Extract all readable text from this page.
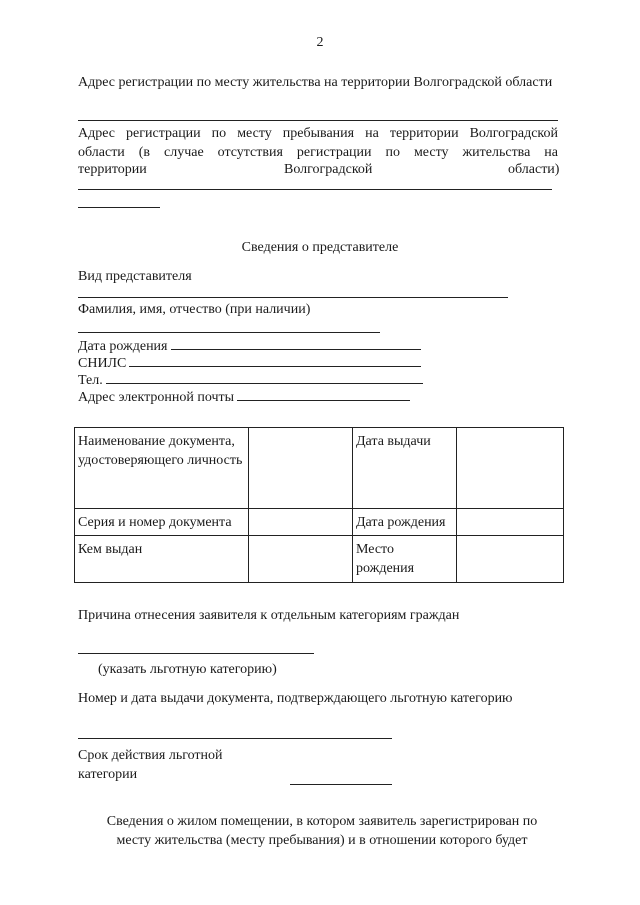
2
Адрес регистрации по месту жительства на территории Волгоградской области
Адрес регистрации по месту пребывания на территории Волгоградской
области (в случае отсутствия регистрации по месту жительства на
территории	Волгоградской	области)
Сведения о представителе
Вид представителя
Фамилия, имя, отчество (при наличии)
Дата рождения
СНИЛС
Тел.
Адрес электронной почты
Наименование документа, удостоверяющего личность		Дата выдачи	
Серия и номер документа		Дата рождения	
Кем выдан		Место рождения	
Причина отнесения заявителя к отдельным категориям граждан
(указать льготную категорию)
Номер и дата выдачи документа, подтверждающего льготную категорию
Срок действия льготной категории
Сведения о жилом помещении, в котором заявитель зарегистрирован по
месту жительства (месту пребывания) и в отношении которого будет
